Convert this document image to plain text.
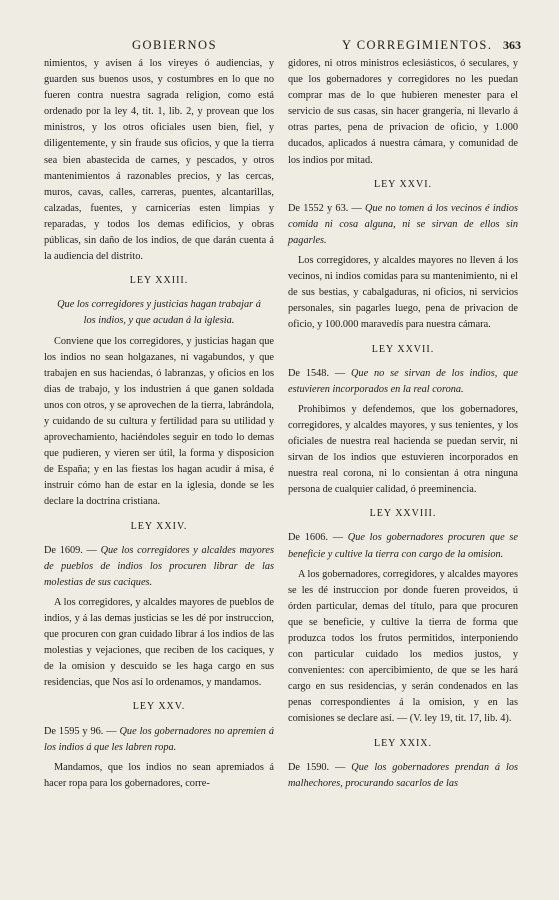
GOBIERNOS	Y CORREGIMIENTOS. 363

nimientos, y avisen á los vireyes ó audiencias, y guarden sus buenos usos, y costumbres en lo que no fueren contra nuestra sagrada religion, como está ordenado por la ley 4, tit. 1, lib. 2, y provean que los ministros, y los otros oficiales usen bien, fiel, y diligentemente, y sin fraude sus oficios, y que la tierra sea bien abastecida de carnes, y pescados, y otros mantenimientos á razonables precios, y las cercas, muros, cavas, calles, carreras, puentes, alcantarillas, calzadas, fuentes, y carnicerías esten limpias y reparadas, y todos los demas edificios, y obras públicas, sin daño de los indios, de que darán cuenta á la audiencia del distrito.

LEY XXIII.

Que los corregidores y justicias hagan trabajar á los indios, y que acudan á la iglesia.

Conviene que los corregidores, y justicias hagan que los indios no sean holgazanes, ni vagabundos, y que trabajen en sus haciendas, ó labranzas, y oficios en los dias de trabajo, y los industrien á que ganen soldada unos con otros, y se aprovechen de la tierra, labrándola, y cuidando de su cultura y fertilidad para su utilidad y aprovechamiento, haciéndoles seguir en todo lo demas que pudieren, y vieren ser útil, la forma y disposicion de España; y en las fiestas los hagan acudir á misa, é instruir cómo han de estar en la iglesia, donde se les declare la doctrina cristiana.

LEY XXIV.

De 1609. — Que los corregidores y alcaldes mayores de pueblos de indios los procuren librar de las molestias de sus caciques.

A los corregidores, y alcaldes mayores de pueblos de indios, y á las demas justicias se les dé por instruccion, que procuren con gran cuidado librar á los indios de las molestias y vejaciones, que reciben de los caciques, y de la omision y descuido se les haga cargo en sus residencias, que Nos así lo ordenamos, y mandamos.

LEY XXV.

De 1595 y 96. — Que los gobernadores no apremien á los indios á que les labren ropa.

Mandamos, que los indios no sean apremiados á hacer ropa para los gobernadores, corre-

gidores, ni otros ministros eclesiásticos, ó seculares, y que los gobernadores y corregidores no les puedan comprar mas de lo que hubieren menester para el servicio de sus casas, sin hacer grangería, ni llevarlo á otras partes, pena de privacion de oficio, y 1.000 ducados, aplicados á nuestra cámara, y comunidad de los indios por mitad.

LEY XXVI.

De 1552 y 63. — Que no tomen á los vecinos é indios comida ni cosa alguna, ni se sirvan de ellos sin pagarles.

Los corregidores, y alcaldes mayores no lleven á los vecinos, ni indios comidas para su mantenimiento, ni el de sus bestias, y cabalgaduras, ni oficios, ni servicios personales, sin pagarles luego, pena de privacion de oficio, y 100.000 maravedís para nuestra cámara.

LEY XXVII.

De 1548. — Que no se sirvan de los indios, que estuvieren incorporados en la real corona.

Prohibimos y defendemos, que los gobernadores, corregidores, y alcaldes mayores, y sus tenientes, y los oficiales de nuestra real hacienda se puedan servir, ni sirvan de los indios que estuvieren incorporados en nuestra real corona, ni lo consientan á otra ninguna persona de cualquier calidad, ó preeminencia.

LEY XXVIII.

De 1606. — Que los gobernadores procuren que se beneficie y cultive la tierra con cargo de la omision.

A los gobernadores, corregidores, y alcaldes mayores se les dé instruccion por donde fueren proveidos, ú órden particular, demas del título, para que procuren que se beneficie, y cultive la tierra de forma que produzca todos los frutos permitidos, interponiendo con particular cuidado los medios justos, y convenientes: con apercibimiento, de que se les hará cargo en sus residencias, y serán condenados en las penas correspondientes á la omision, y en las comisiones se declare así. — (V. ley 19, tit. 17, lib. 4).

LEY XXIX.

De 1590. — Que los gobernadores prendan á los malhechores, procurando sacarlos de las
